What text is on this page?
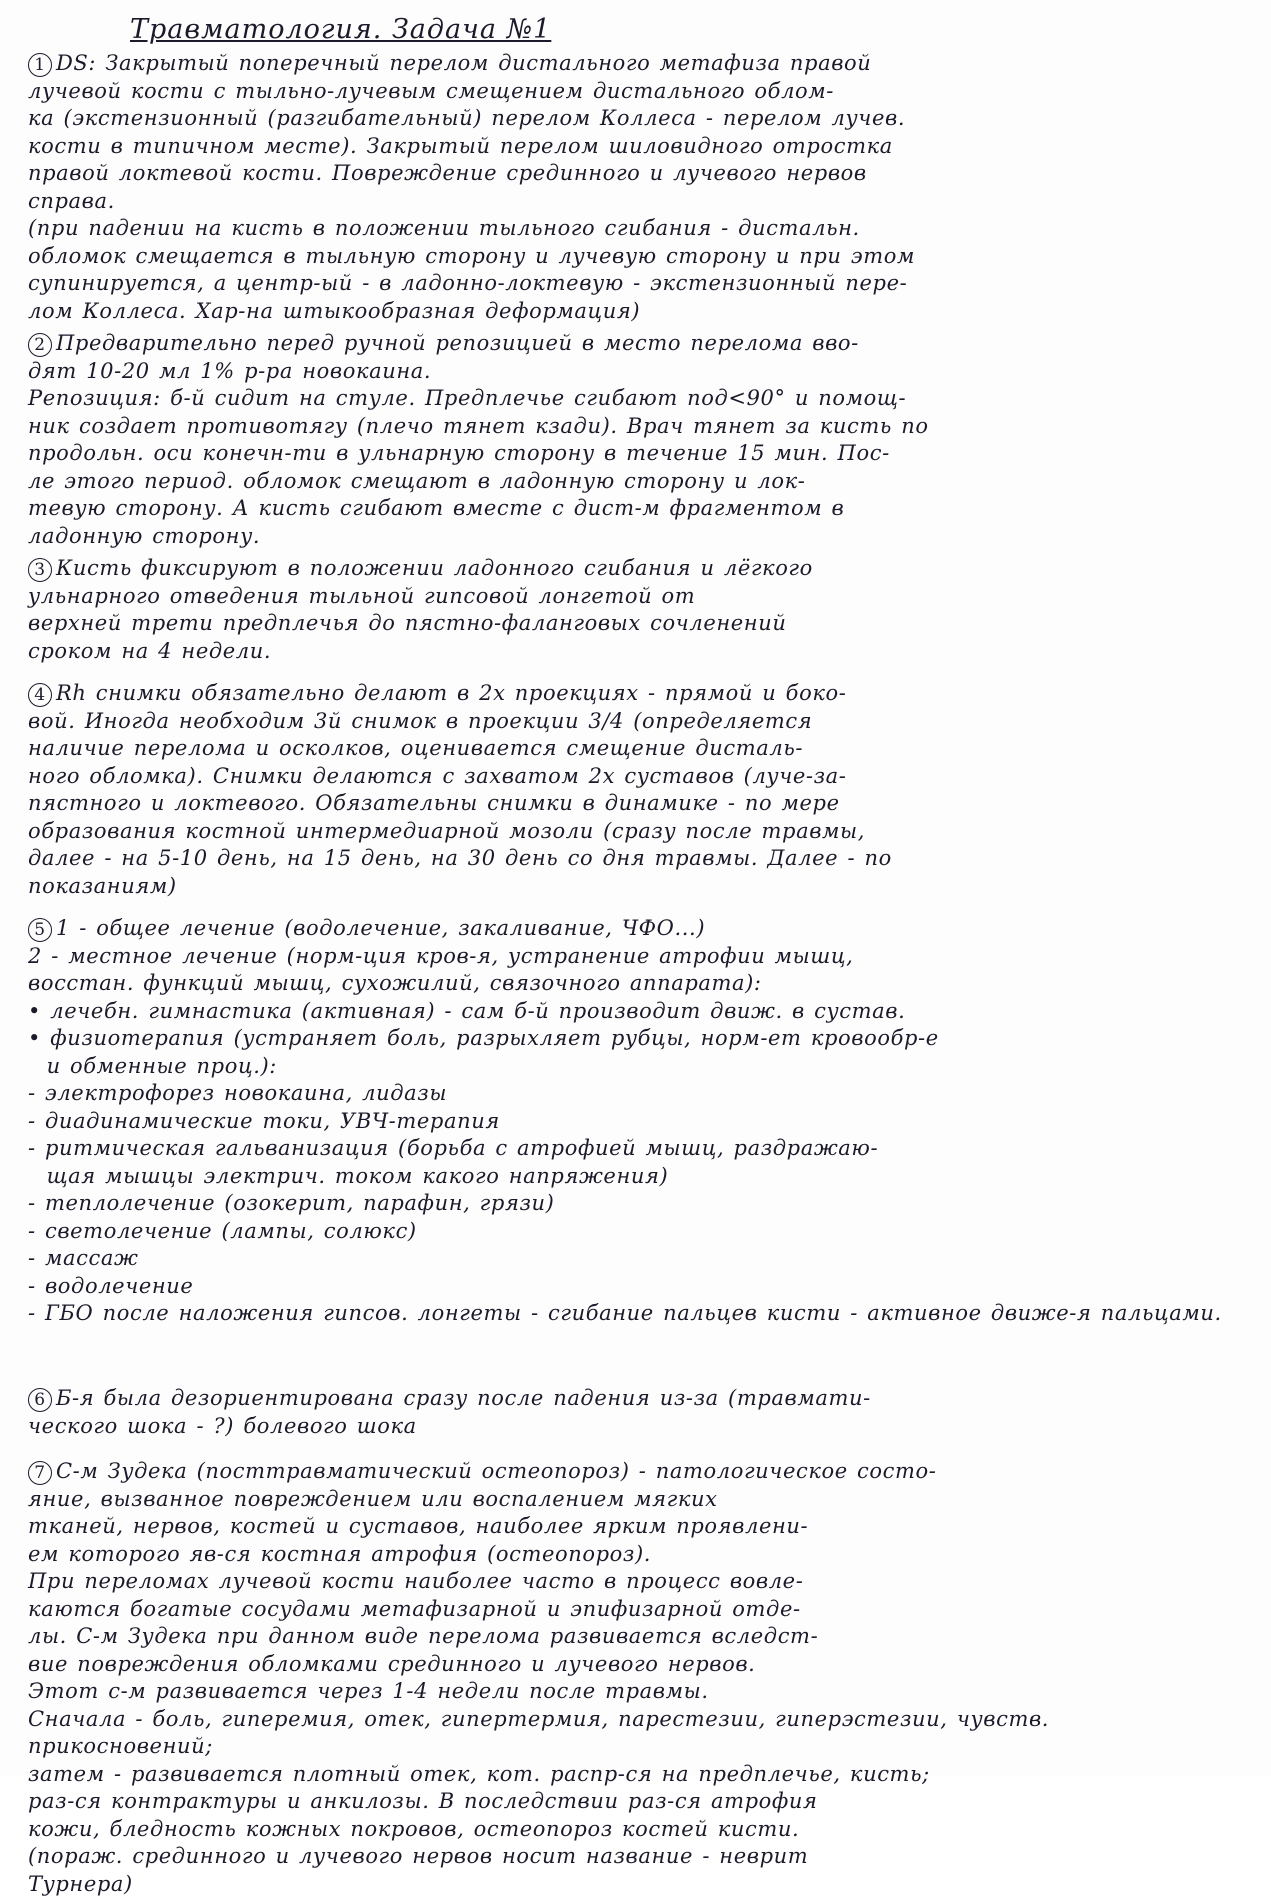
Травматология. Задача №1

1 DS: Закрытый поперечный перелом дистального метафиза правой

лучевой кости с тыльно-лучевым смещением дистального облом-

ка (экстензионный (разгибательный) перелом Коллеса - перелом лучев.

кости в типичном месте). Закрытый перелом шиловидного отростка

правой локтевой кости. Повреждение срединного и лучевого нервов

справа.

(при падении на кисть в положении тыльного сгибания - дистальн.

обломок смещается в тыльную сторону и лучевую сторону и при этом

супинируется, а центр-ый - в ладонно-локтевую - экстензионный пере-

лом Коллеса. Хар-на штыкообразная деформация)

2 Предварительно перед ручной репозицией в место перелома вво-

дят 10-20 мл 1% р-ра новокаина.

Репозиция: б-й сидит на стуле. Предплечье сгибают под<90° и помощ-

ник создает противотягу (плечо тянет кзади). Врач тянет за кисть по

продольн. оси конечн-ти в ульнарную сторону в течение 15 мин. Пос-

ле этого период. обломок смещают в ладонную сторону и лок-

тевую сторону. А кисть сгибают вместе с дист-м фрагментом в

ладонную сторону.

3 Кисть фиксируют в положении ладонного сгибания и лёгкого

ульнарного отведения тыльной гипсовой лонгетой от

верхней трети предплечья до пястно-фаланговых сочленений

сроком на 4 недели.

4 Rh снимки обязательно делают в 2х проекциях - прямой и боко-

вой. Иногда необходим 3й снимок в проекции 3/4 (определяется

наличие перелома и осколков, оценивается смещение дисталь-

ного обломка). Снимки делаются с захватом 2х суставов (луче-за-

пястного и локтевого. Обязательны снимки в динамике - по мере

образования костной интермедиарной мозоли (сразу после травмы,

далее - на 5-10 день, на 15 день, на 30 день со дня травмы. Далее - по

показаниям)

5 1 - общее лечение (водолечение, закаливание, ЧФО...)

2 - местное лечение (норм-ция кров-я, устранение атрофии мышц,

восстан. функций мышц, сухожилий, связочного аппарата):

• лечебн. гимнастика (активная) - сам б-й производит движ. в сустав.

• физиотерапия (устраняет боль, разрыхляет рубцы, норм-ет кровообр-е

и обменные проц.):

- электрофорез новокаина, лидазы

- диадинамические токи, УВЧ-терапия

- ритмическая гальванизация (борьба с атрофией мышц, раздражаю-

щая мышцы электрич. током какого напряжения)

- теплолечение (озокерит, парафин, грязи)

- светолечение (лампы, солюкс)

- массаж

- водолечение

- ГБО после наложения гипсов. лонгеты - сгибание пальцев кисти - активное движе-я пальцами.

6 Б-я была дезориентирована сразу после падения из-за (травмати-

ческого шока - ?) болевого шока

7 С-м Зудека (посттравматический остеопороз) - патологическое состо-

яние, вызванное повреждением или воспалением мягких

тканей, нервов, костей и суставов, наиболее ярким проявлени-

ем которого яв-ся костная атрофия (остеопороз).

При переломах лучевой кости наиболее часто в процесс вовле-

каются богатые сосудами метафизарной и эпифизарной отде-

лы. С-м Зудека при данном виде перелома развивается вследст-

вие повреждения обломками срединного и лучевого нервов.

Этот с-м развивается через 1-4 недели после травмы.

Сначала - боль, гиперемия, отек, гипертермия, парестезии, гиперэстезии, чувств. прикосновений;

затем - развивается плотный отек, кот. распр-ся на предплечье, кисть;

раз-ся контрактуры и анкилозы. В последствии раз-ся атрофия

кожи, бледность кожных покровов, остеопороз костей кисти.

(пораж. срединного и лучевого нервов носит название - неврит

Турнера)
